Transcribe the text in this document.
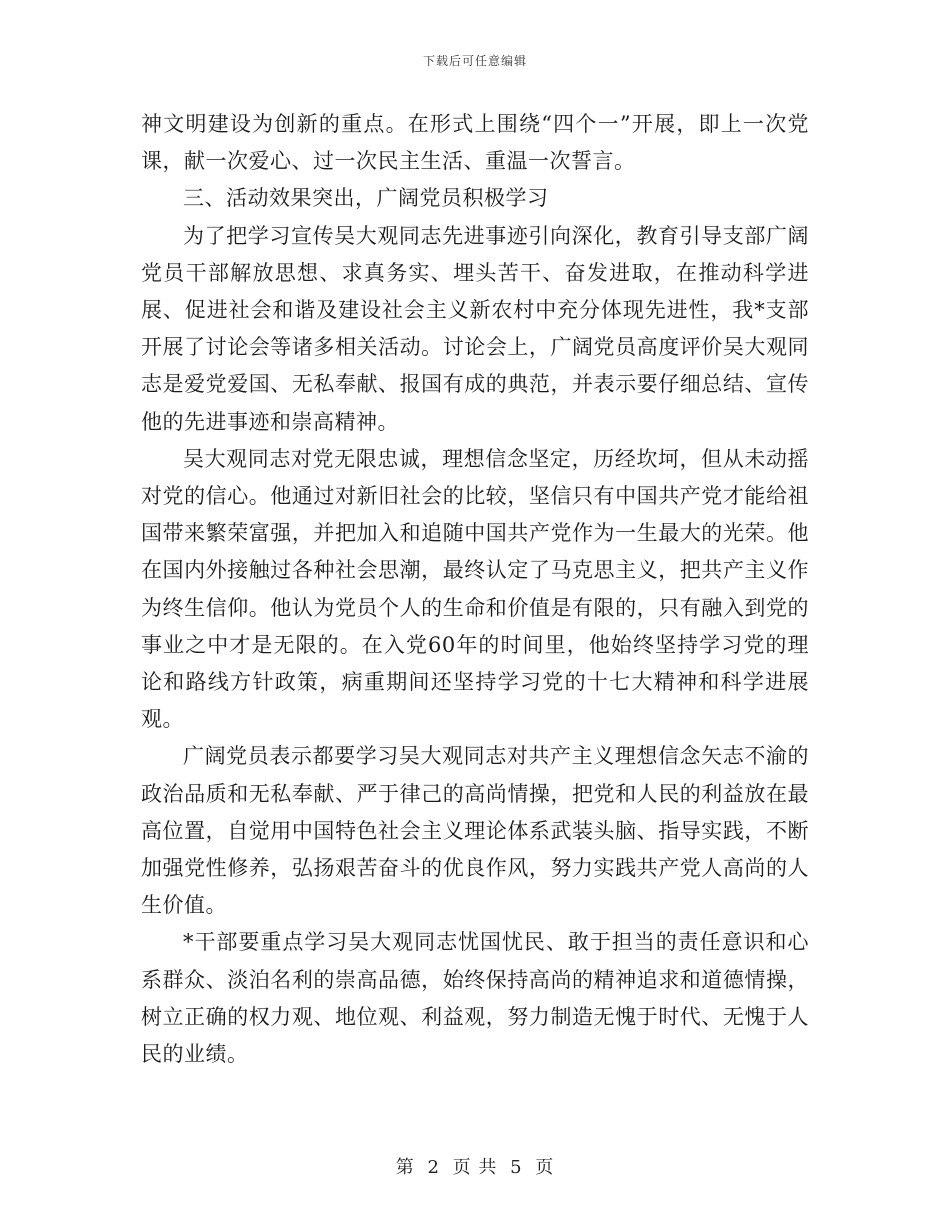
下载后可任意编辑

神文明建设为创新的重点。在形式上围绕“四个一”开展，即上一次党课，献一次爱心、过一次民主生活、重温一次誓言。

三、活动效果突出，广阔党员积极学习

为了把学习宣传吴大观同志先进事迹引向深化，教育引导支部广阔党员干部解放思想、求真务实、埋头苦干、奋发进取，在推动科学进展、促进社会和谐及建设社会主义新农村中充分体现先进性，我*支部开展了讨论会等诸多相关活动。讨论会上，广阔党员高度评价吴大观同志是爱党爱国、无私奉献、报国有成的典范，并表示要仔细总结、宣传他的先进事迹和崇高精神。

吴大观同志对党无限忠诚，理想信念坚定，历经坎坷，但从未动摇对党的信心。他通过对新旧社会的比较，坚信只有中国共产党才能给祖国带来繁荣富强，并把加入和追随中国共产党作为一生最大的光荣。他在国内外接触过各种社会思潮，最终认定了马克思主义，把共产主义作为终生信仰。他认为党员个人的生命和价值是有限的，只有融入到党的事业之中才是无限的。在入党60年的时间里，他始终坚持学习党的理论和路线方针政策，病重期间还坚持学习党的十七大精神和科学进展观。

广阔党员表示都要学习吴大观同志对共产主义理想信念矢志不渝的政治品质和无私奉献、严于律己的高尚情操，把党和人民的利益放在最高位置，自觉用中国特色社会主义理论体系武装头脑、指导实践，不断加强党性修养，弘扬艰苦奋斗的优良作风，努力实践共产党人高尚的人生价值。

*干部要重点学习吴大观同志忧国忧民、敢于担当的责任意识和心系群众、淡泊名利的崇高品德，始终保持高尚的精神追求和道德情操，树立正确的权力观、地位观、利益观，努力制造无愧于时代、无愧于人民的业绩。

第 2 页 共 5 页
